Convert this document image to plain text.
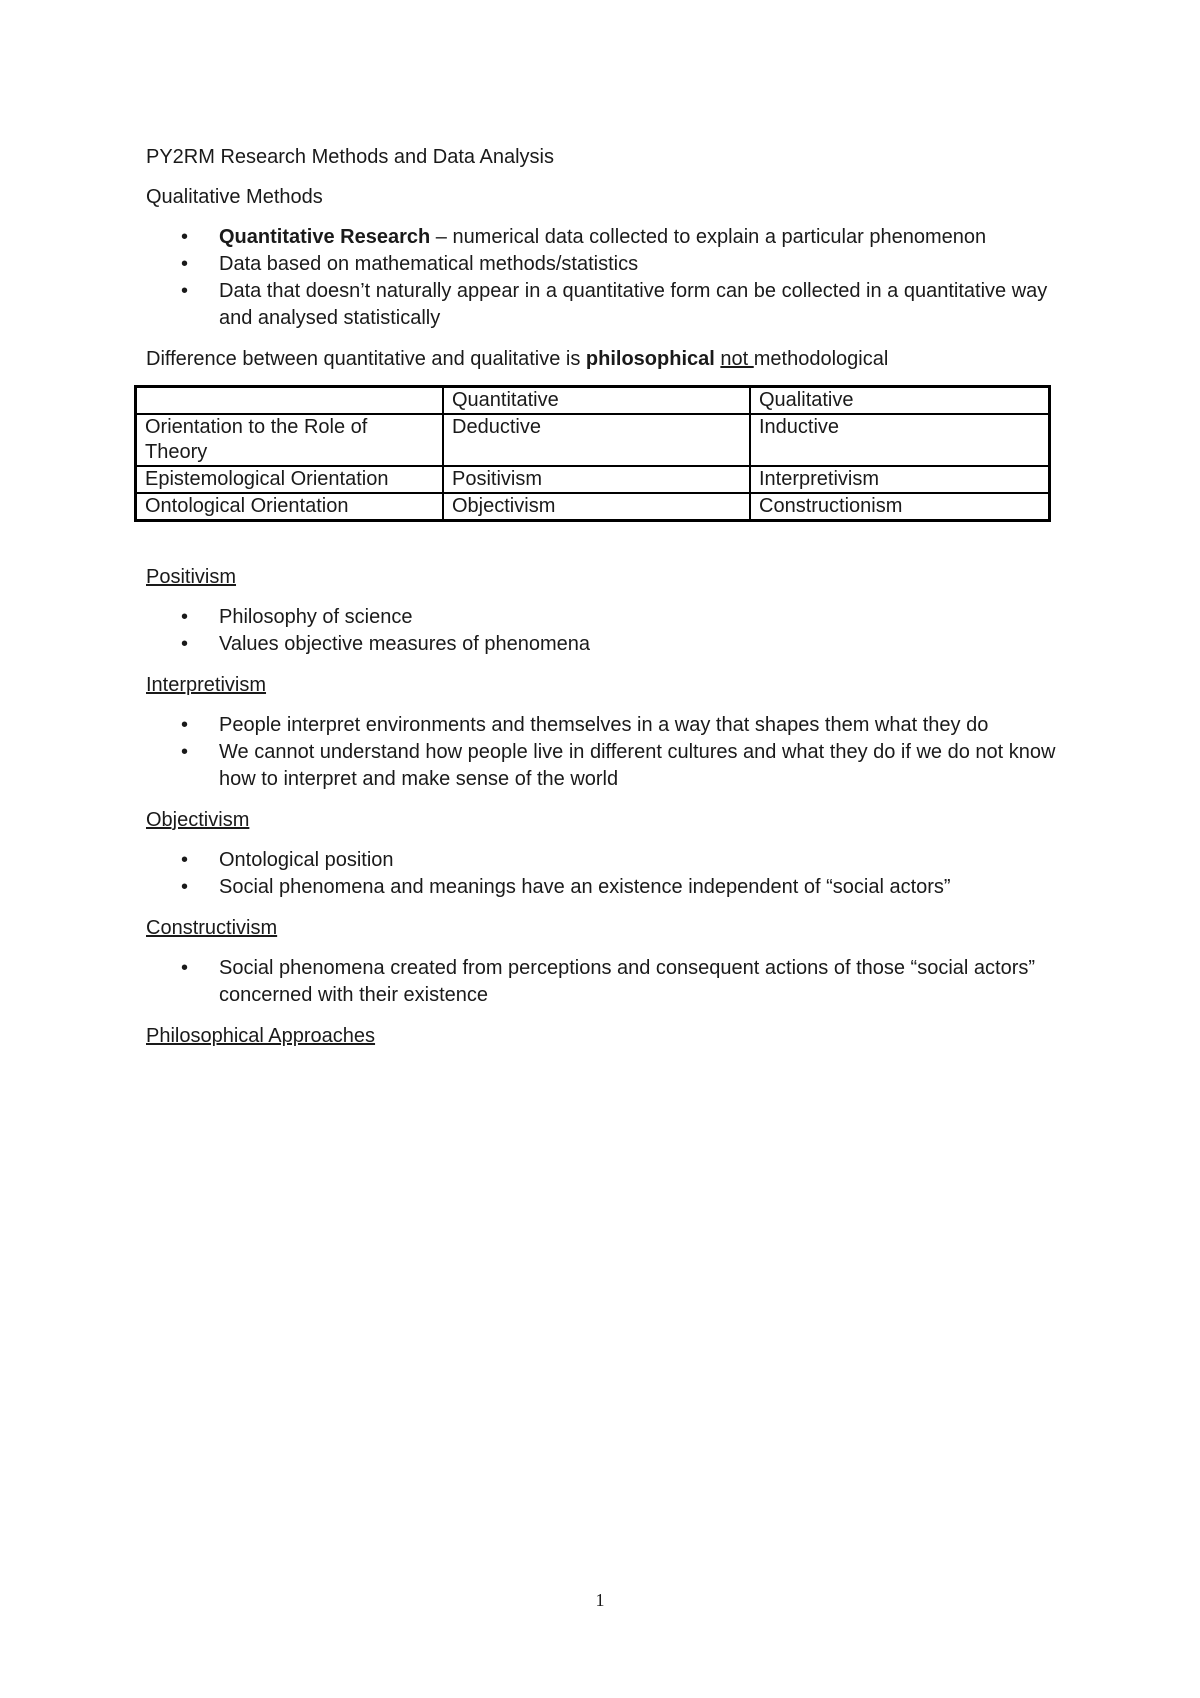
PY2RM Research Methods and Data Analysis

Qualitative Methods

• Quantitative Research – numerical data collected to explain a particular phenomenon
• Data based on mathematical methods/statistics
• Data that doesn’t naturally appear in a quantitative form can be collected in a quantitative way and analysed statistically

Difference between quantitative and qualitative is philosophical not methodological

	Quantitative	Qualitative
Orientation to the Role of Theory	Deductive	Inductive
Epistemological Orientation	Positivism	Interpretivism
Ontological Orientation	Objectivism	Constructionism

Positivism

• Philosophy of science
• Values objective measures of phenomena

Interpretivism

• People interpret environments and themselves in a way that shapes them what they do
• We cannot understand how people live in different cultures and what they do if we do not know how to interpret and make sense of the world

Objectivism

• Ontological position
• Social phenomena and meanings have an existence independent of “social actors”

Constructivism

• Social phenomena created from perceptions and consequent actions of those “social actors” concerned with their existence

Philosophical Approaches

1
